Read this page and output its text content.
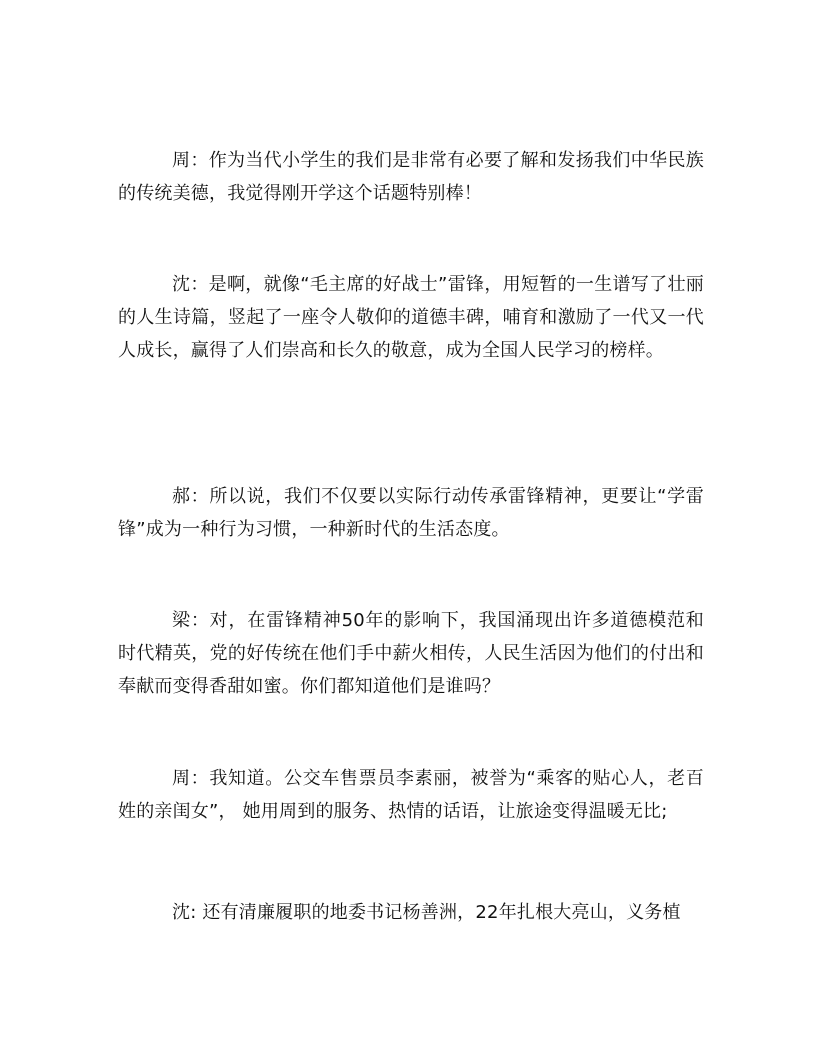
周：作为当代小学生的我们是非常有必要了解和发扬我们中华民族的传统美德，我觉得刚开学这个话题特别棒！

沈：是啊，就像“毛主席的好战士”雷锋，用短暂的一生谱写了壮丽的人生诗篇，竖起了一座令人敬仰的道德丰碑，哺育和激励了一代又一代人成长，赢得了人们崇高和长久的敬意，成为全国人民学习的榜样。

郝：所以说，我们不仅要以实际行动传承雷锋精神，更要让“学雷锋”成为一种行为习惯，一种新时代的生活态度。

梁：对，在雷锋精神50年的影响下，我国涌现出许多道德模范和时代精英，党的好传统在他们手中薪火相传，人民生活因为他们的付出和奉献而变得香甜如蜜。你们都知道他们是谁吗？

周：我知道。公交车售票员李素丽，被誉为“乘客的贴心人，老百姓的亲闺女”， 她用周到的服务、热情的话语，让旅途变得温暖无比;

沈: 还有清廉履职的地委书记杨善洲，22年扎根大亮山，义务植
